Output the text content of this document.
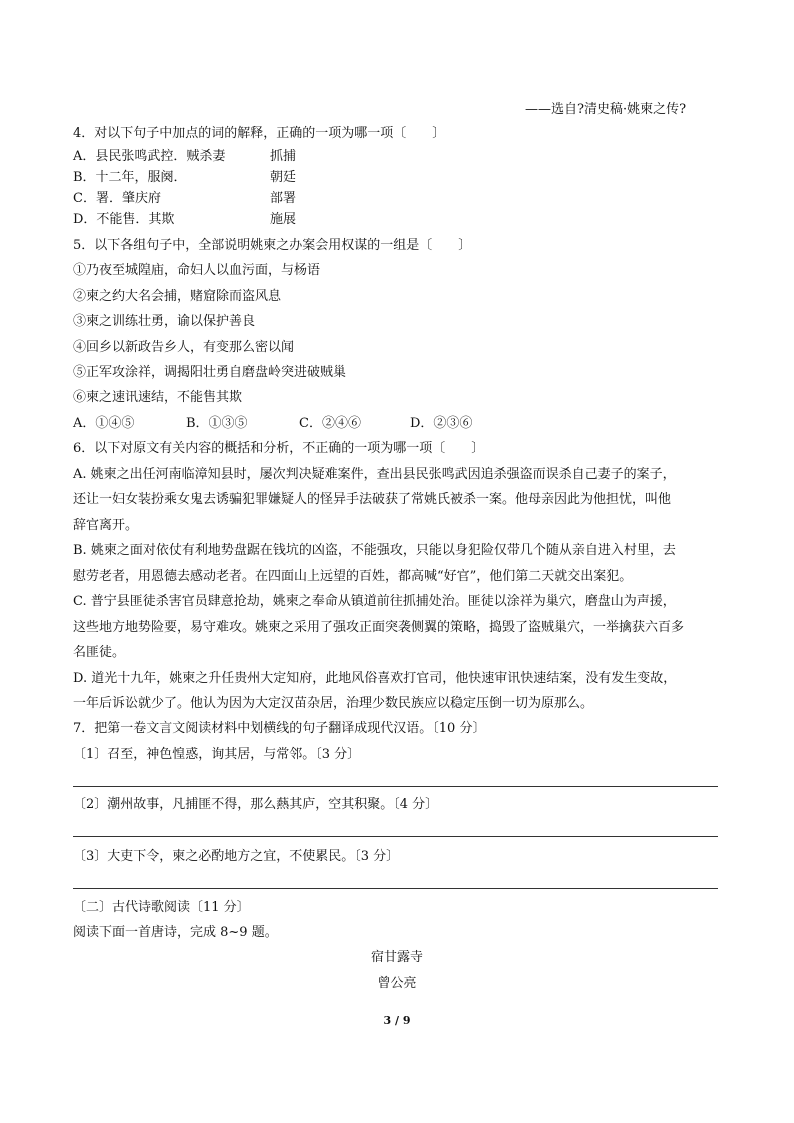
——选自?清史稿·姚柬之传?
4．对以下句子中加点的词的解释，正确的一项为哪一项〔　　〕
A．县民张鸣武控．贼杀妻	抓捕
B．十二年，服阕．	朝廷
C．署．肇庆府	部署
D．不能售．其欺	施展
5．以下各组句子中，全部说明姚柬之办案会用权谋的一组是〔　　〕
①乃夜至城隍庙，命妇人以血污面，与杨语
②柬之约大名会捕，赌窟除而盗风息
③柬之训练壮勇，谕以保护善良
④回乡以新政告乡人，有变那么密以闻
⑤正军攻涂祥，调揭阳壮勇自磨盘岭突进破贼巢
⑥柬之速讯速结，不能售其欺
A．①④⑤	B．①③⑤	C．②④⑥	D．②③⑥
6．以下对原文有关内容的概括和分析，不正确的一项为哪一项〔　　〕
A. 姚柬之出任河南临漳知县时，屡次判决疑难案件，查出县民张鸣武因追杀强盗而误杀自己妻子的案子，
还让一妇女装扮乘女鬼去诱骗犯罪嫌疑人的怪异手法破获了常姚氏被杀一案。他母亲因此为他担忧，叫他
辞官离开。
B. 姚柬之面对依仗有利地势盘踞在钱坑的凶盗，不能强攻，只能以身犯险仅带几个随从亲自进入村里，去
慰劳老者，用恩德去感动老者。在四面山上远望的百姓，都高喊“好官”，他们第二天就交出案犯。
C. 普宁县匪徒杀害官员肆意抢劫，姚柬之奉命从镇道前往抓捕处治。匪徒以涂祥为巢穴，磨盘山为声援，
这些地方地势险要，易守难攻。姚柬之采用了强攻正面突袭侧翼的策略，捣毁了盗贼巢穴，一举擒获六百多
名匪徒。
D. 道光十九年，姚柬之升任贵州大定知府，此地风俗喜欢打官司，他快速审讯快速结案，没有发生变故，
一年后诉讼就少了。他认为因为大定汉苗杂居，治理少数民族应以稳定压倒一切为原那么。
7．把第一卷文言文阅读材料中划横线的句子翻译成现代汉语。〔10 分〕
〔1〕召至，神色惶惑，询其居，与常邻。〔3 分〕
〔2〕潮州故事，凡捕匪不得，那么爇其庐，空其积聚。〔4 分〕
〔3〕大吏下令，柬之必酌地方之宜，不使累民。〔3 分〕
〔二〕古代诗歌阅读〔11 分〕
阅读下面一首唐诗，完成 8~9 题。
宿甘露寺
曾公亮
3 / 9
